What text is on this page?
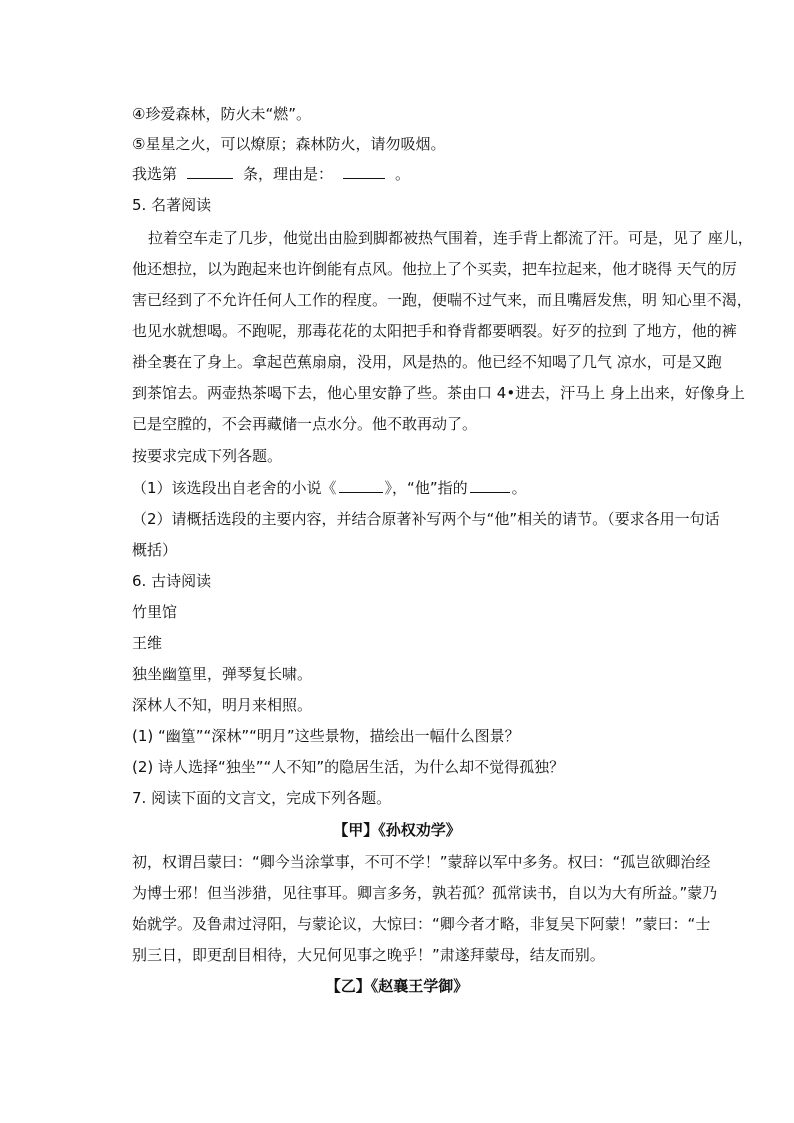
④珍爱森林，防火未“燃”。
⑤星星之火，可以燎原；森林防火，请勿吸烟。
我选第	条，理由是：	。
5. 名著阅读
拉着空车走了几步，他觉出由脸到脚都被热气围着，连手背上都流了汗。可是，见了 座儿，
他还想拉，以为跑起来也许倒能有点风。他拉上了个买卖，把车拉起来，他才晓得 天气的厉
害已经到了不允许任何人工作的程度。一跑，便喘不过气来，而且嘴唇发焦，明 知心里不渴，
也见水就想喝。不跑呢，那毒花花的太阳把手和脊背都要晒裂。好歹的拉到 了地方，他的裤
褂全裹在了身上。拿起芭蕉扇扇，没用，风是热的。他已经不知喝了几气 凉水，可是又跑
到茶馆去。两壶热茶喝下去，他心里安静了些。茶由口 4•进去，汗马上 身上出来，好像身上
已是空膛的，不会再藏储一点水分。他不敢再动了。
按要求完成下列各题。
（1）该选段出自老舍的小说《	》，“他”指的	。
（2）请概括选段的主要内容，并结合原著补写两个与“他”相关的请节。（要求各用一句话
概括）
6. 古诗阅读
竹里馆
王维
独坐幽篁里，弹琴复长啸。
深林人不知，明月来相照。
(1) “幽篁”“深林”“明月”这些景物，描绘出一幅什么图景？
(2) 诗人选择“独坐”“人不知”的隐居生活，为什么却不觉得孤独？
7. 阅读下面的文言文，完成下列各题。
【甲】《孙权劝学》
初，权谓吕蒙曰：“卿今当涂掌事，不可不学！”蒙辞以军中多务。权曰：“孤岂欲卿治经
为博士邪！但当涉猎，见往事耳。卿言多务，孰若孤？孤常读书，自以为大有所益。”蒙乃
始就学。及鲁肃过浔阳，与蒙论议，大惊曰：“卿今者才略，非复吴下阿蒙！”蒙曰：“士
别三日，即更刮目相待，大兄何见事之晚乎！”肃遂拜蒙母，结友而别。
【乙】《赵襄王学御》
